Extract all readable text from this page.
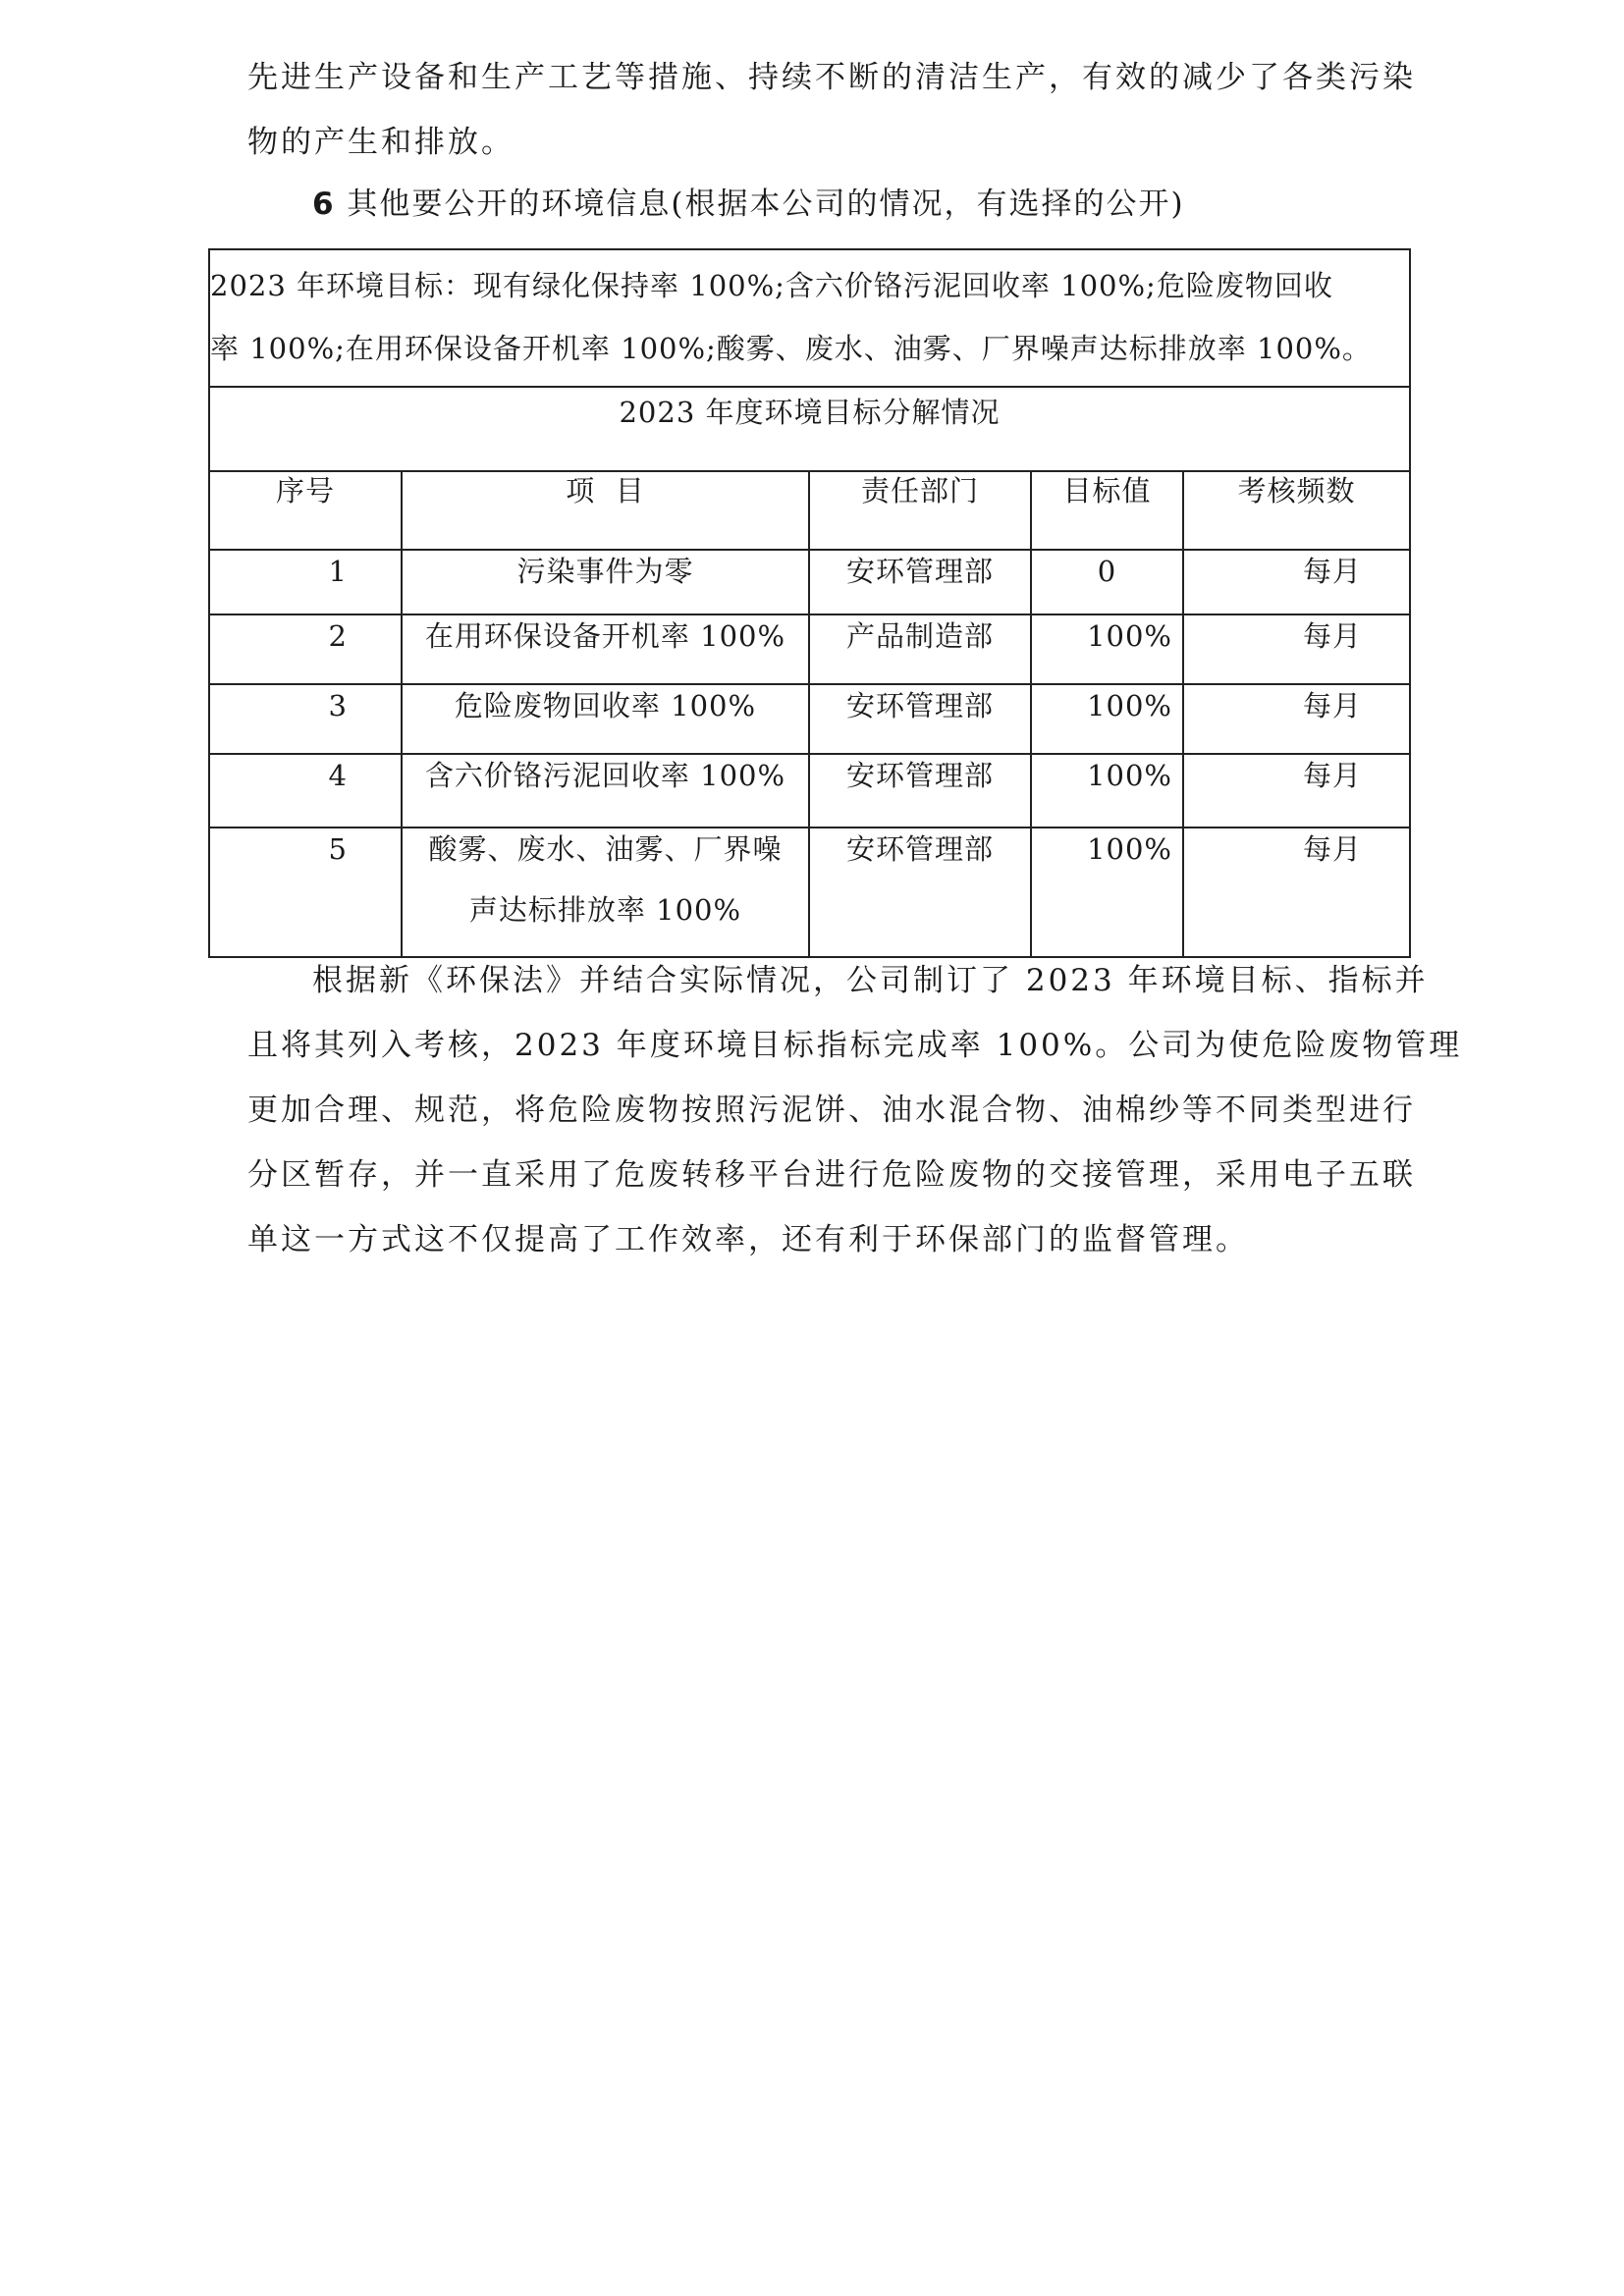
先进生产设备和生产工艺等措施、持续不断的清洁生产，有效的减少了各类污染
物的产生和排放。

6 其他要公开的环境信息(根据本公司的情况，有选择的公开)

2023 年环境目标：现有绿化保持率 100%;含六价铬污泥回收率 100%;危险废物回收
率 100%;在用环保设备开机率 100%;酸雾、废水、油雾、厂界噪声达标排放率 100%。				

2023 年度环境目标分解情况				

序号	项  目	责任部门	目标值	考核频数

1	污染事件为零	安环管理部	0	每月

2	在用环保设备开机率 100%	产品制造部	100%	每月

3	危险废物回收率 100%	安环管理部	100%	每月

4	含六价铬污泥回收率 100%	安环管理部	100%	每月

5	酸雾、废水、油雾、厂界噪
声达标排放率 100%	安环管理部	100%	每月

根据新《环保法》并结合实际情况，公司制订了 2023 年环境目标、指标并
且将其列入考核，2023 年度环境目标指标完成率 100%。公司为使危险废物管理
更加合理、规范，将危险废物按照污泥饼、油水混合物、油棉纱等不同类型进行
分区暂存，并一直采用了危废转移平台进行危险废物的交接管理，采用电子五联
单这一方式这不仅提高了工作效率，还有利于环保部门的监督管理。
